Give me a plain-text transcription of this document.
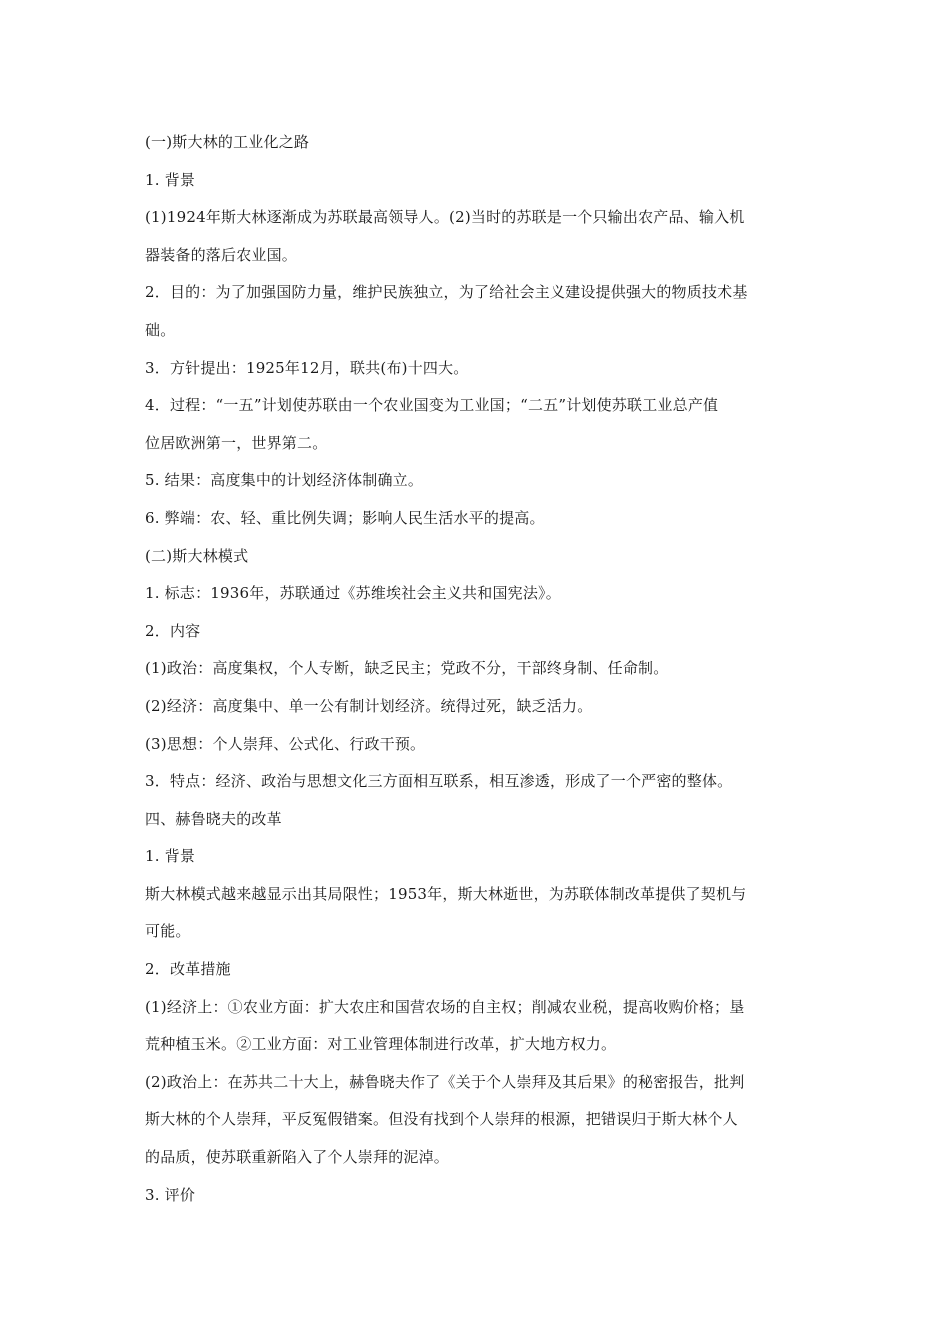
(一)斯大林的工业化之路
1. 背景
(1)1924年斯大林逐渐成为苏联最高领导人。(2)当时的苏联是一个只输出农产品、输入机
器装备的落后农业国。
2．目的：为了加强国防力量，维护民族独立，为了给社会主义建设提供强大的物质技术基
础。
3．方针提出：1925年12月，联共(布)十四大。
4．过程：“一五”计划使苏联由一个农业国变为工业国；“二五”计划使苏联工业总产值
位居欧洲第一，世界第二。
5. 结果：高度集中的计划经济体制确立。
6. 弊端：农、轻、重比例失调；影响人民生活水平的提高。
(二)斯大林模式
1. 标志：1936年，苏联通过《苏维埃社会主义共和国宪法》。
2．内容
(1)政治：高度集权，个人专断，缺乏民主；党政不分，干部终身制、任命制。
(2)经济：高度集中、单一公有制计划经济。统得过死，缺乏活力。
(3)思想：个人崇拜、公式化、行政干预。
3．特点：经济、政治与思想文化三方面相互联系，相互渗透，形成了一个严密的整体。
四、赫鲁晓夫的改革
1. 背景
斯大林模式越来越显示出其局限性；1953年，斯大林逝世，为苏联体制改革提供了契机与
可能。
2．改革措施
(1)经济上：①农业方面：扩大农庄和国营农场的自主权；削减农业税，提高收购价格；垦
荒种植玉米。②工业方面：对工业管理体制进行改革，扩大地方权力。
(2)政治上：在苏共二十大上，赫鲁晓夫作了《关于个人崇拜及其后果》的秘密报告，批判
斯大林的个人崇拜，平反冤假错案。但没有找到个人崇拜的根源，把错误归于斯大林个人
的品质，使苏联重新陷入了个人崇拜的泥淖。
3. 评价
